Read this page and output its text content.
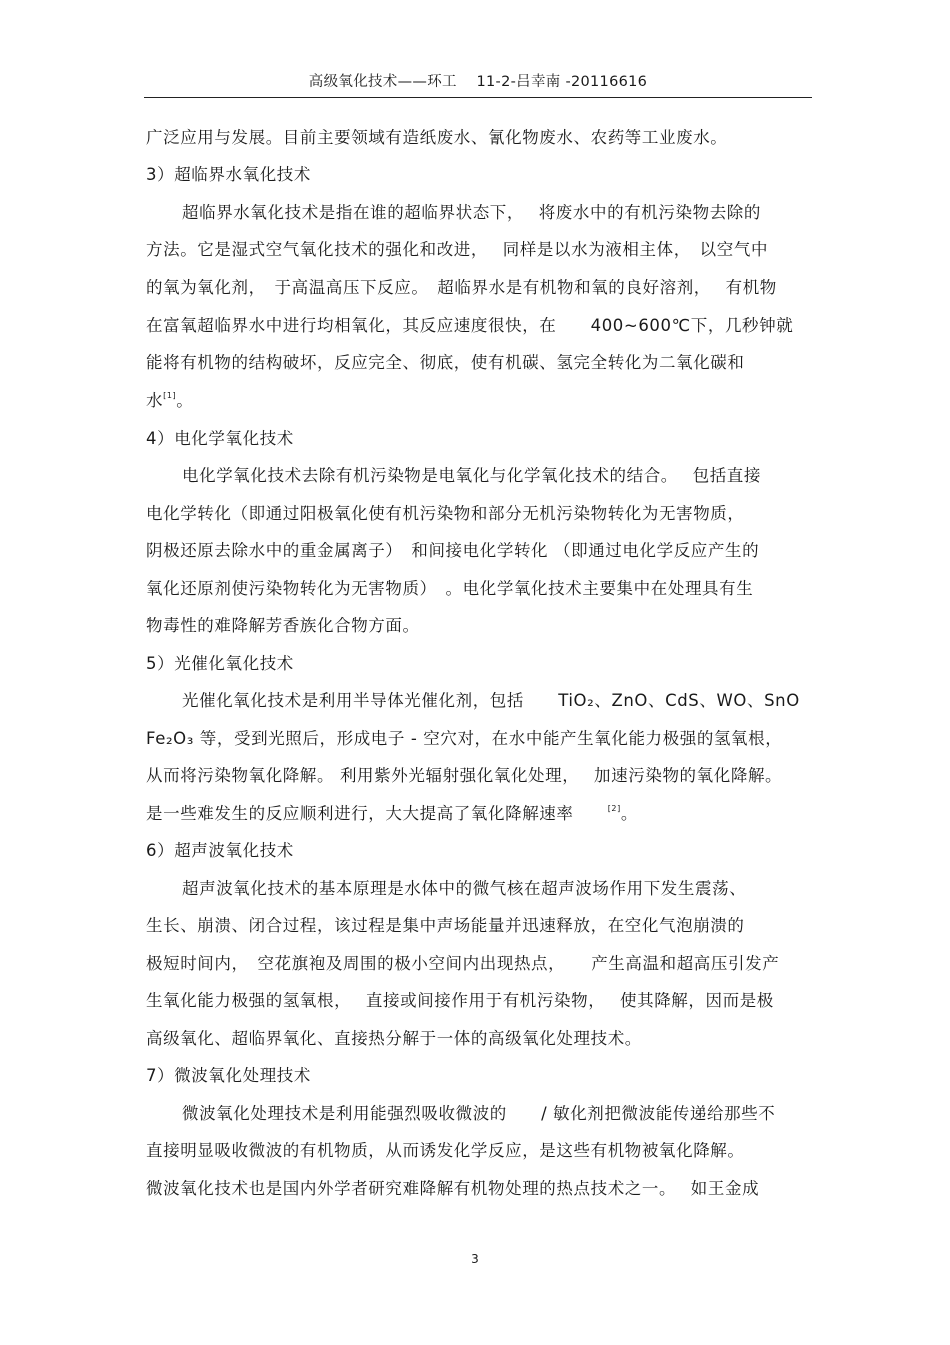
高级氧化技术——环工　 11-2-吕幸南 -20116616
广泛应用与发展。目前主要领域有造纸废水、氰化物废水、农药等工业废水。
3）超临界水氧化技术
超临界水氧化技术是指在谁的超临界状态下，　 将废水中的有机污染物去除的
方法。它是湿式空气氧化技术的强化和改进，　 同样是以水为液相主体，　以空气中
的氧为氧化剂，　于高温高压下反应。　超临界水是有机物和氧的良好溶剂，　 有机物
在富氧超临界水中进行均相氧化，其反应速度很快，在　　400~600℃下，几秒钟就
能将有机物的结构破坏，反应完全、彻底，使有机碳、氢完全转化为二氧化碳和
水[1]。
4）电化学氧化技术
电化学氧化技术去除有机污染物是电氧化与化学氧化技术的结合。　 包括直接
电化学转化（即通过阳极氧化使有机污染物和部分无机污染物转化为无害物质，
阴极还原去除水中的重金属离子）　和间接电化学转化 （即通过电化学反应产生的
氧化还原剂使污染物转化为无害物质）　。电化学氧化技术主要集中在处理具有生
物毒性的难降解芳香族化合物方面。
5）光催化氧化技术
光催化氧化技术是利用半导体光催化剂，包括　　TiO₂、ZnO、CdS、WO、SnO
Fe₂O₃ 等，受到光照后，形成电子 - 空穴对，在水中能产生氧化能力极强的氢氧根，
从而将污染物氧化降解。 利用紫外光辐射强化氧化处理，　 加速污染物的氧化降解。
是一些难发生的反应顺利进行，大大提高了氧化降解速率　　[2]。
6）超声波氧化技术
超声波氧化技术的基本原理是水体中的微气核在超声波场作用下发生震荡、
生长、崩溃、闭合过程，该过程是集中声场能量并迅速释放，在空化气泡崩溃的
极短时间内，　空花旗袍及周围的极小空间内出现热点，　　产生高温和超高压引发产
生氧化能力极强的氢氧根，　 直接或间接作用于有机污染物，　 使其降解，因而是极
高级氧化、超临界氧化、直接热分解于一体的高级氧化处理技术。
7）微波氧化处理技术
微波氧化处理技术是利用能强烈吸收微波的　　/ 敏化剂把微波能传递给那些不
直接明显吸收微波的有机物质，从而诱发化学反应，是这些有机物被氧化降解。
微波氧化技术也是国内外学者研究难降解有机物处理的热点技术之一。　 如王金成
3
